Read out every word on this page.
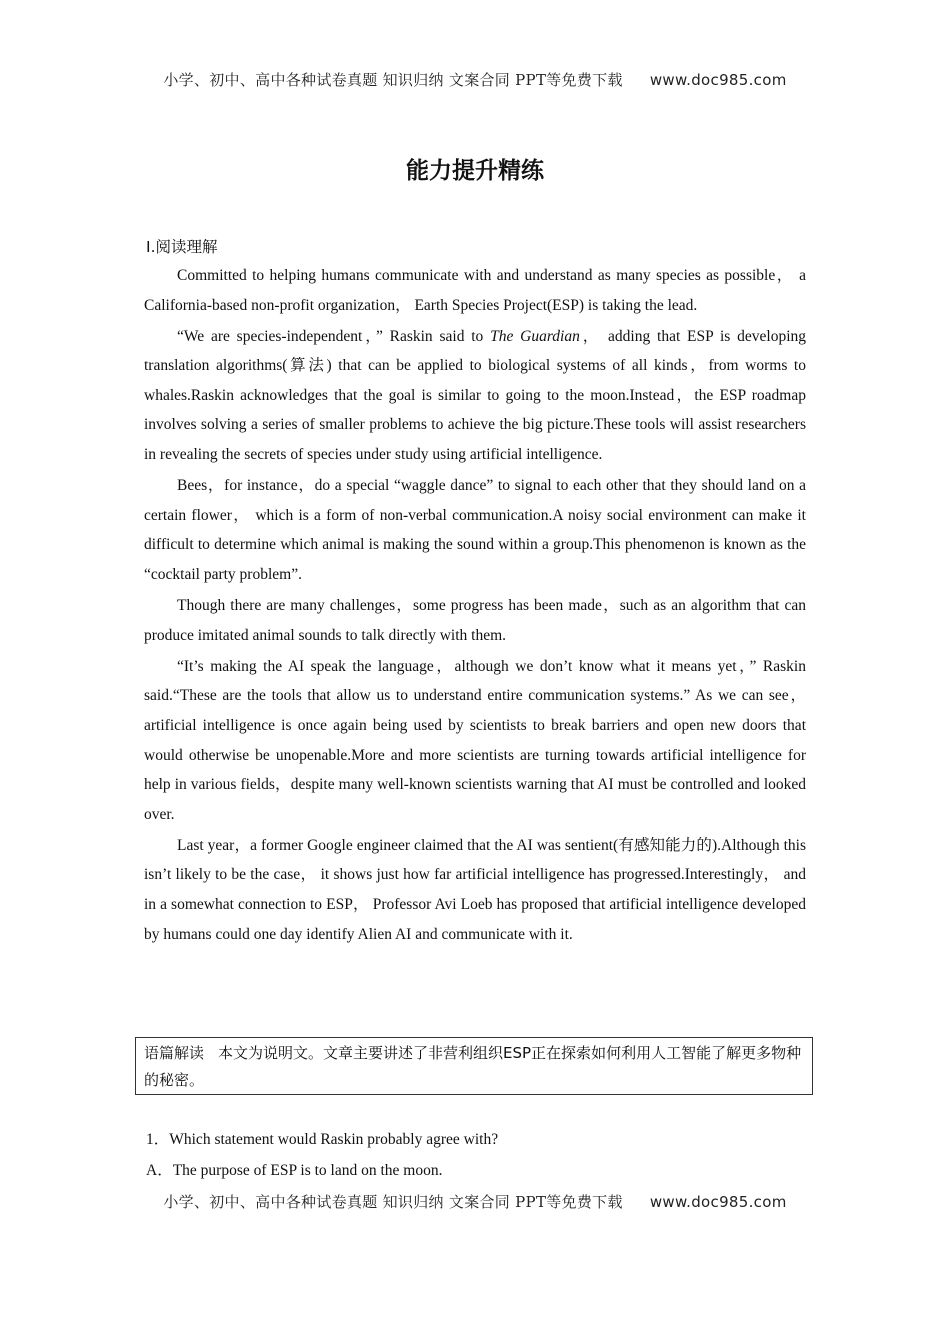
小学、初中、高中各种试卷真题 知识归纳 文案合同 PPT等免费下载 www.doc985.com
能力提升精练
Ⅰ.阅读理解

Committed to helping humans communicate with and understand as many species as possible， a California-based non-profit organization， Earth Species Project(ESP) is taking the lead.

“We are species-independent，” Raskin said to The Guardian， adding that ESP is developing translation algorithms(算法) that can be applied to biological systems of all kinds，from worms to whales.Raskin acknowledges that the goal is similar to going to the moon.Instead，the ESP roadmap involves solving a series of smaller problems to achieve the big picture.These tools will assist researchers in revealing the secrets of species under study using artificial intelligence.

Bees，for instance，do a special “waggle dance” to signal to each other that they should land on a certain flower， which is a form of non-verbal communication.A noisy social environment can make it difficult to determine which animal is making the sound within a group.This phenomenon is known as the “cocktail party problem”.

Though there are many challenges，some progress has been made，such as an algorithm that can produce imitated animal sounds to talk directly with them.

“It’s making the AI speak the language，although we don’t know what it means yet，” Raskin said.“These are the tools that allow us to understand entire communication systems.” As we can see，artificial intelligence is once again being used by scientists to break barriers and open new doors that would otherwise be unopenable.More and more scientists are turning towards artificial intelligence for help in various fields，despite many well-known scientists warning that AI must be controlled and looked over.

Last year，a former Google engineer claimed that the AI was sentient(有感知能力的).Although this isn’t likely to be the case， it shows just how far artificial intelligence has progressed.Interestingly， and in a somewhat connection to ESP， Professor Avi Loeb has proposed that artificial intelligence developed by humans could one day identify Alien AI and communicate with it.

语篇解读 本文为说明文。文章主要讲述了非营利组织ESP正在探索如何利用人工智能了解更多物种的秘密。
1．Which statement would Raskin probably agree with?
A．The purpose of ESP is to land on the moon.
小学、初中、高中各种试卷真题 知识归纳 文案合同 PPT等免费下载 www.doc985.com
